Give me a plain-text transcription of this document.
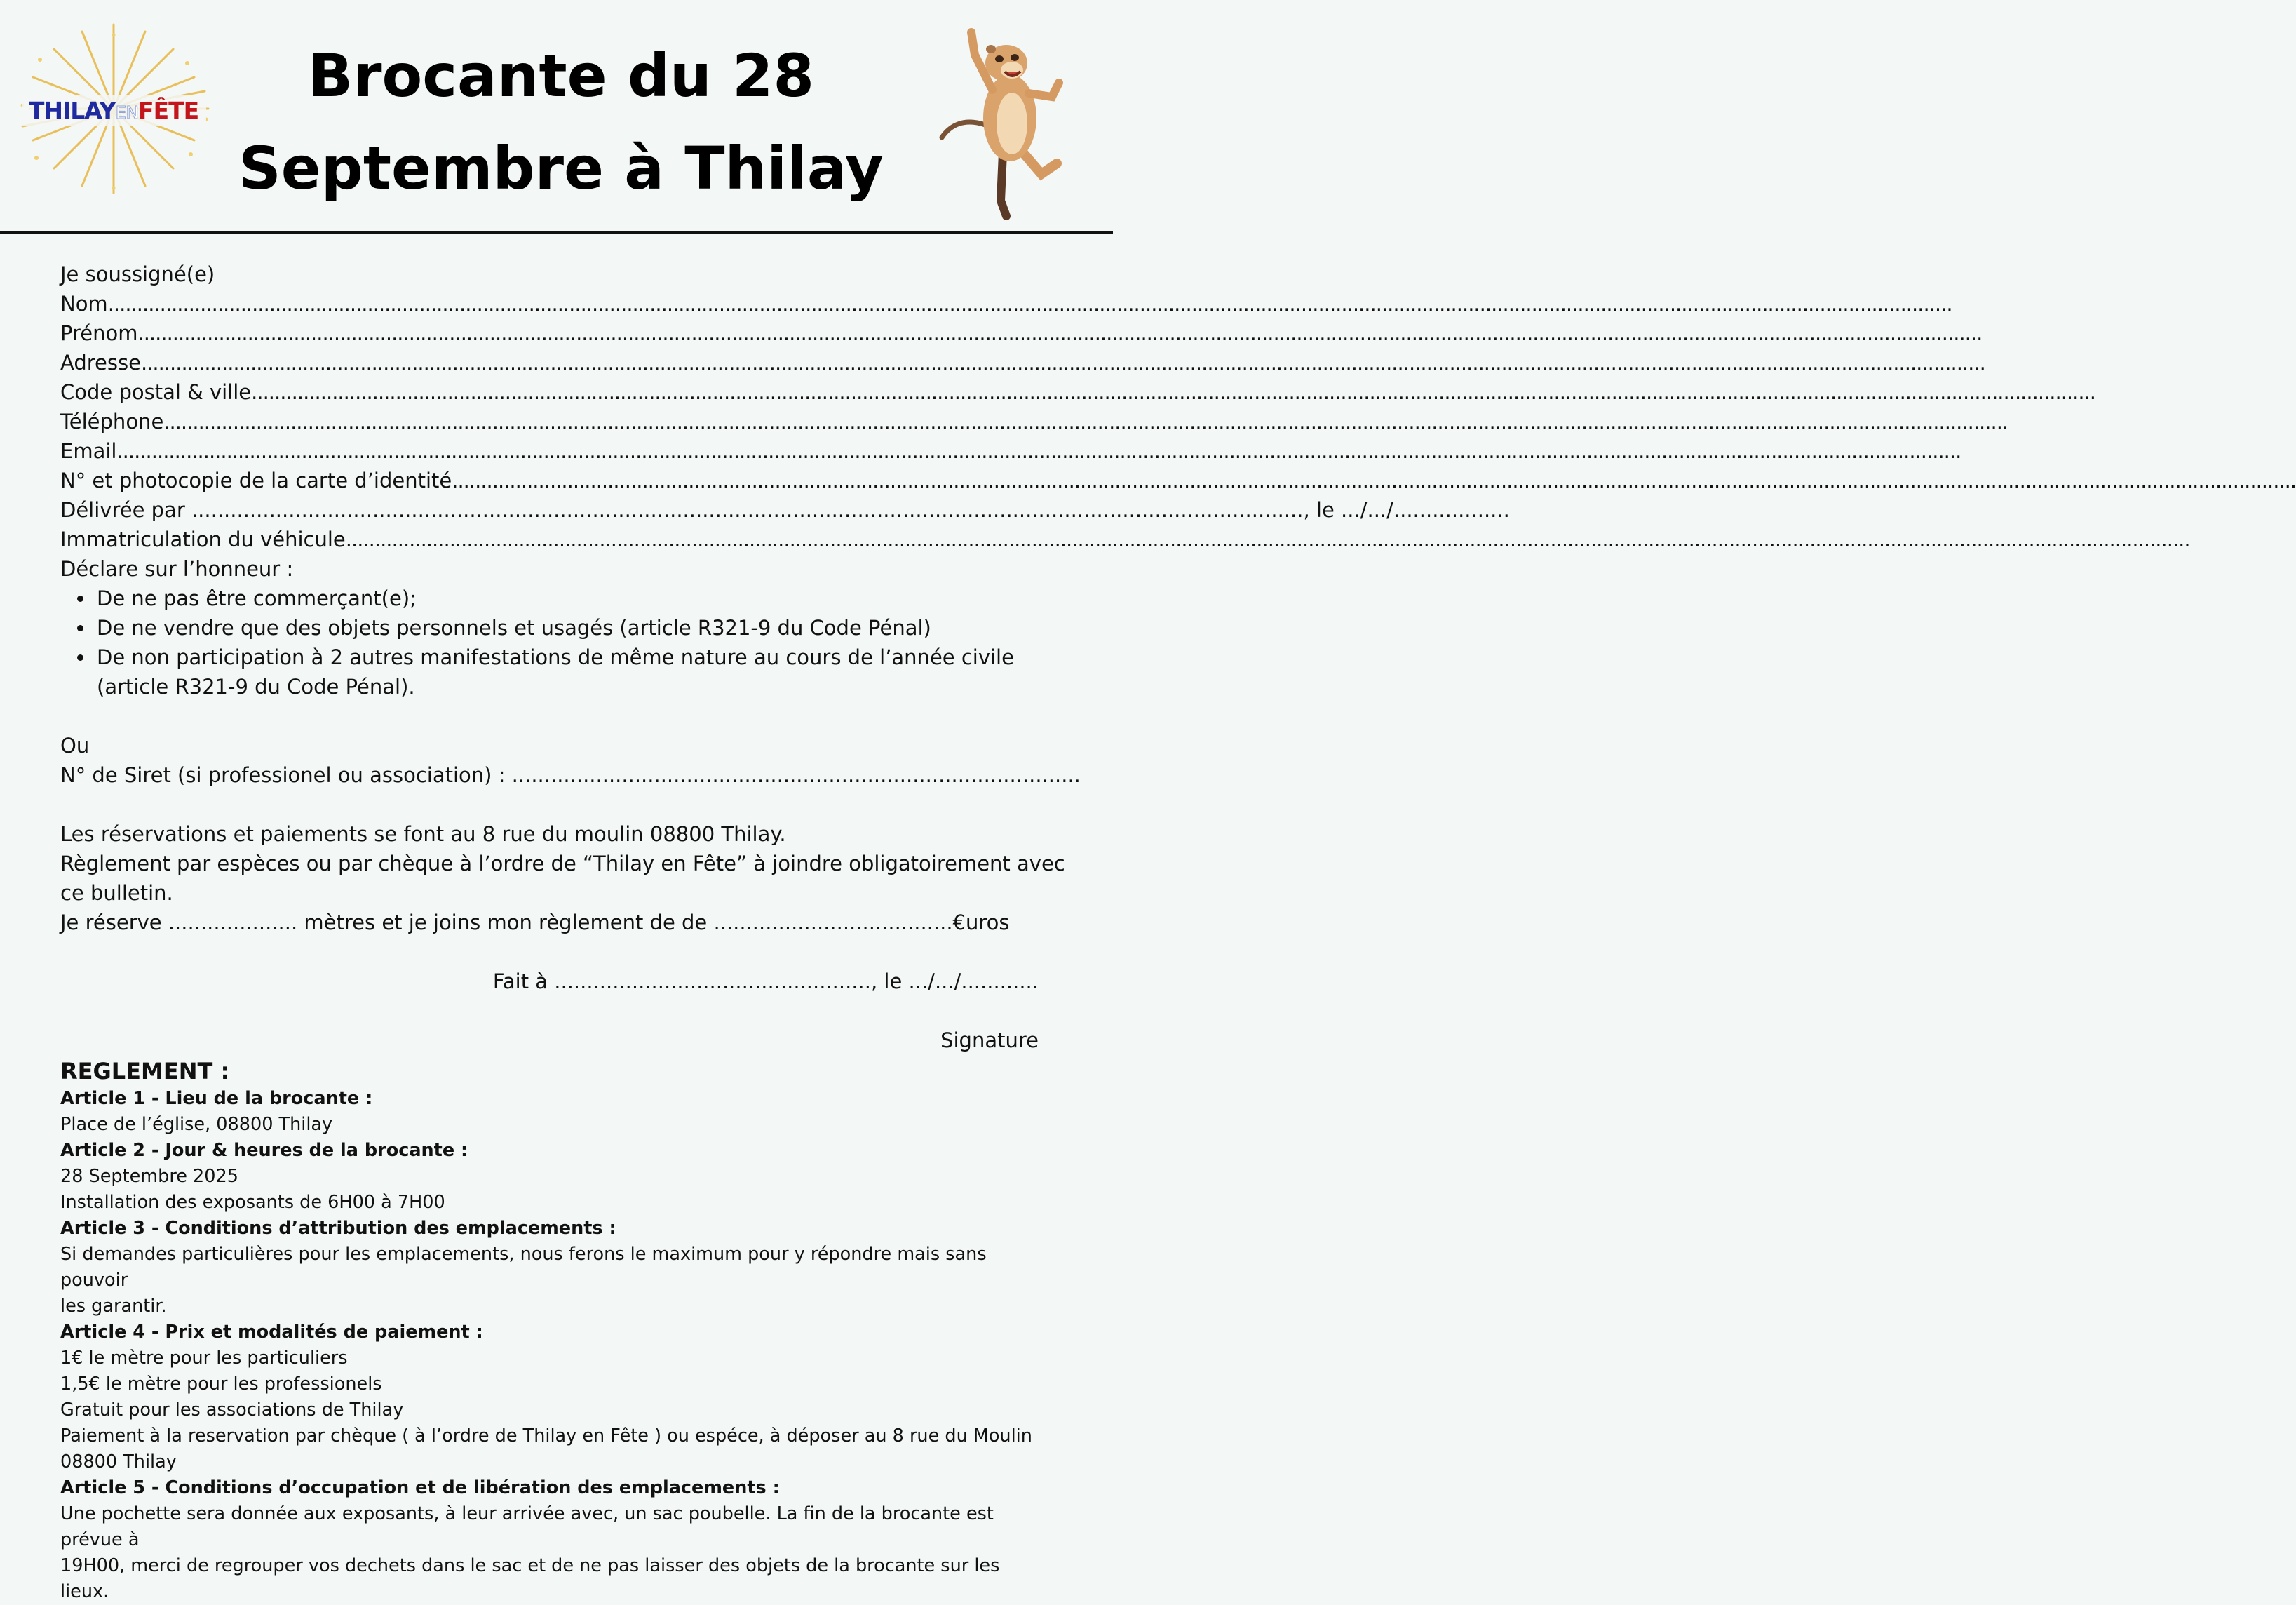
THILAYENFÊTE
Brocante du 28
Septembre à Thilay
Je soussigné(e)
Nom
.....
Prénom
.....
Adresse
.....
Code postal & ville
.....
Téléphone
.....
Email
.....
N° et photocopie de la carte d’identité
.....
Délivrée par ............................................................................................................................................................................, le .../.../..................
Immatriculation du véhicule
.....
Déclare sur l’honneur :
De ne pas être commerçant(e);
De ne vendre que des objets personnels et usagés (article R321-9 du Code Pénal)
De non participation à 2 autres manifestations de même nature au cours de l’année civile
(article R321-9 du Code Pénal).
Ou
N° de Siret (si professionel ou association) : ........................................................................................
Les réservations et paiements se font au 8 rue du moulin 08800 Thilay.
Règlement par espèces ou par chèque à l’ordre de “Thilay en Fête” à joindre obligatoirement avec
ce bulletin.
Je réserve .................... mètres et je joins mon règlement de de .....................................€uros
Fait à ................................................., le .../.../............
Signature
REGLEMENT :
Article 1 - Lieu de la brocante :
Place de l’église, 08800 Thilay
Article 2 - Jour & heures de la brocante :
28 Septembre 2025
Installation des exposants de 6H00 à 7H00
Article 3 - Conditions d’attribution des emplacements :
Si demandes particulières pour les emplacements, nous ferons le maximum pour y répondre mais sans pouvoir
les garantir.
Article 4 - Prix et modalités de paiement :
1€ le mètre pour les particuliers
1,5€ le mètre pour les professionels
Gratuit pour les associations de Thilay
Paiement à la reservation par chèque ( à l’ordre de Thilay en Fête ) ou espéce, à déposer au 8 rue du Moulin
08800 Thilay
Article 5 - Conditions d’occupation et de libération des emplacements :
Une pochette sera donnée aux exposants, à leur arrivée avec, un sac poubelle. La fin de la brocante est prévue à
19H00, merci de regrouper vos dechets dans le sac et de ne pas laisser des objets de la brocante sur les lieux.
